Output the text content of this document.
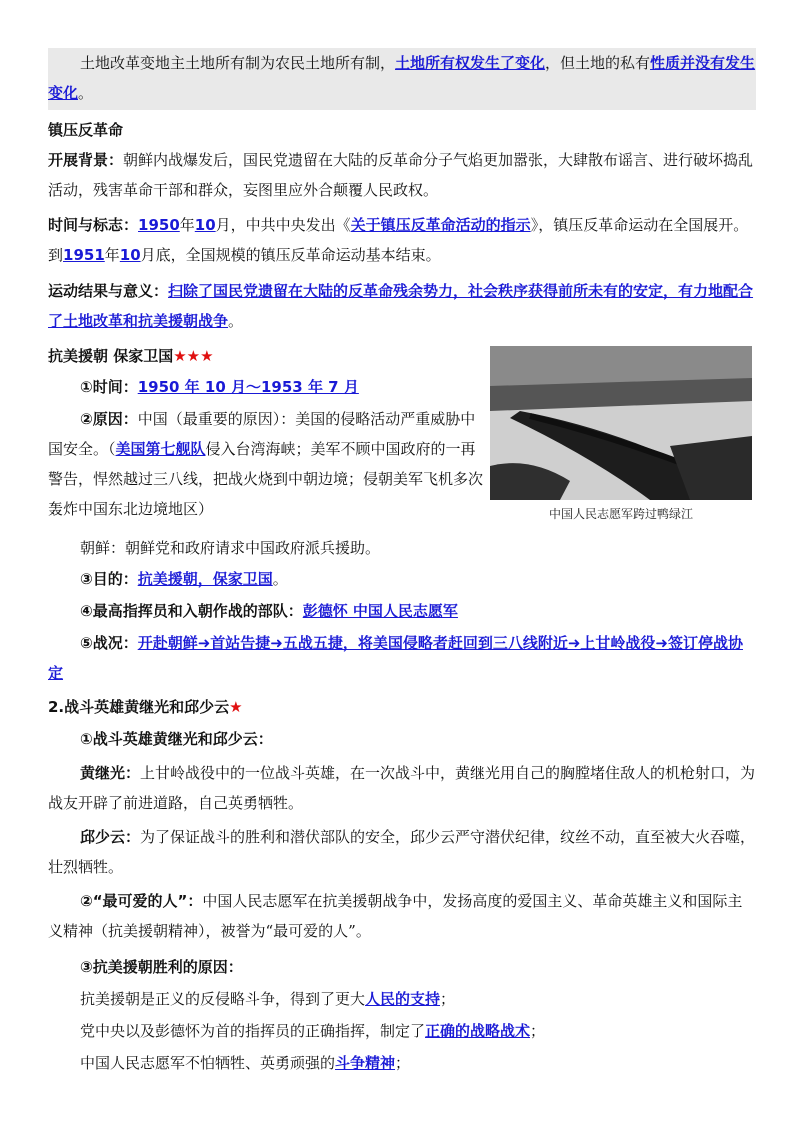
土地改革变地主土地所有制为农民土地所有制，土地所有权发生了变化，但土地的私有性质并没有发生变化。

镇压反革命

开展背景：朝鲜内战爆发后，国民党遗留在大陆的反革命分子气焰更加嚣张，大肆散布谣言、进行破坏捣乱活动，残害革命干部和群众，妄图里应外合颠覆人民政权。

时间与标志：1950年10月，中共中央发出《关于镇压反革命活动的指示》，镇压反革命运动在全国展开。到1951年10月底，全国规模的镇压反革命运动基本结束。

运动结果与意义：扫除了国民党遗留在大陆的反革命残余势力，社会秩序获得前所未有的安定，有力地配合了土地改革和抗美援朝战争。

抗美援朝 保家卫国★★★

①时间：1950 年 10 月～1953 年 7 月

②原因：中国（最重要的原因）：美国的侵略活动严重威胁中国安全。（美国第七舰队侵入台湾海峡；美军不顾中国政府的一再警告，悍然越过三八线，把战火烧到中朝边境；侵朝美军飞机多次轰炸中国东北边境地区）	中国人民志愿军跨过鸭绿江

朝鲜：朝鲜党和政府请求中国政府派兵援助。

③目的：抗美援朝，保家卫国。

④最高指挥员和入朝作战的部队：彭德怀 中国人民志愿军

⑤战况：开赴朝鲜➜首站告捷➜五战五捷，将美国侵略者赶回到三八线附近➜上甘岭战役➜签订停战协定

2.战斗英雄黄继光和邱少云★

①战斗英雄黄继光和邱少云：

黄继光：上甘岭战役中的一位战斗英雄，在一次战斗中，黄继光用自己的胸膛堵住敌人的机枪射口，为战友开辟了前进道路，自己英勇牺牲。

邱少云：为了保证战斗的胜利和潜伏部队的安全，邱少云严守潜伏纪律，纹丝不动，直至被大火吞噬，壮烈牺牲。

②“最可爱的人”：中国人民志愿军在抗美援朝战争中，发扬高度的爱国主义、革命英雄主义和国际主义精神（抗美援朝精神），被誉为“最可爱的人”。

③抗美援朝胜利的原因：

抗美援朝是正义的反侵略斗争，得到了更大人民的支持；

党中央以及彭德怀为首的指挥员的正确指挥，制定了正确的战略战术；

中国人民志愿军不怕牺牲、英勇顽强的斗争精神；
